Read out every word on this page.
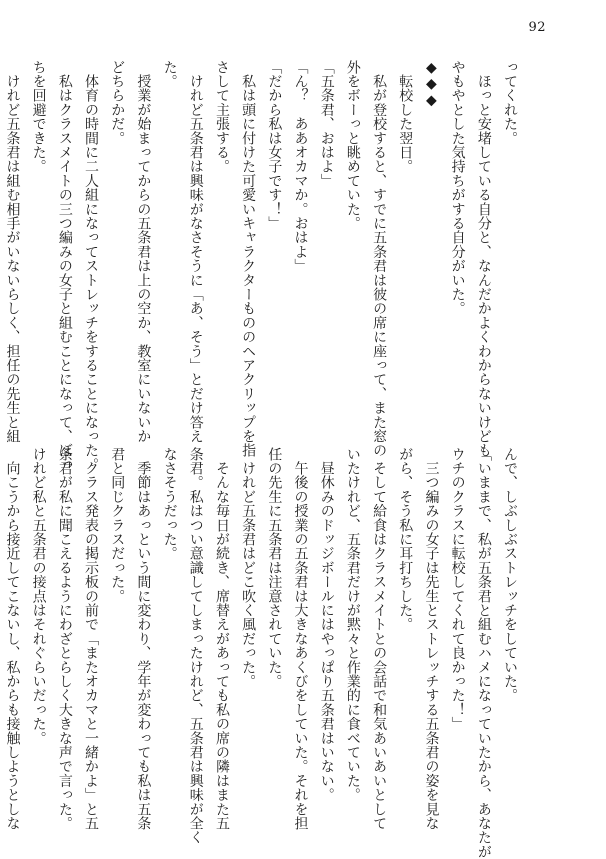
92
ってくれた。
　ほっと安堵している自分と、なんだかよくわからないけども
やもやとした気持ちがする自分がいた。
◆◆◆
　転校した翌日。
　私が登校すると、すでに五条君は彼の席に座って、また窓の
外をボーっと眺めていた。
「五条君、おはよ」
「ん？　ああオカマか。おはよ」
「だから私は女子です！」
　私は頭に付けた可愛いキャラクターもののヘアクリップを指
さして主張する。
　けれど五条君は興味がなさそうに「あ、そう」とだけ答え
た。
　授業が始まってからの五条君は上の空か、教室にいないか
どちらかだ。
　体育の時間に二人組になってストレッチをすることになった。
　私はクラスメイトの三つ編みの女子と組むことになって、ぼっ
ちを回避できた。
　けれど五条君は組む相手がいないらしく、担任の先生と組
んで、しぶしぶストレッチをしていた。
「いままで、私が五条君と組むハメになっていたから、あなたが
ウチのクラスに転校してくれて良かった！」
　三つ編みの女子は先生とストレッチする五条君の姿を見な
がら、そう私に耳打ちした。
　そして給食はクラスメイトとの会話で和気あいあいとして
いたけれど、五条君だけが黙々と作業的に食べていた。
　昼休みのドッジボールにはやっぱり五条君はいない。
　午後の授業の五条君は大きなあくびをしていた。それを担
任の先生に五条君は注意されていた。
　けれど五条君はどこ吹く風だった。
　そんな毎日が続き、席替えがあっても私の席の隣はまた五
条君。私はつい意識してしまったけれど、五条君は興味が全く
なさそうだった。
　季節はあっという間に変わり、学年が変わっても私は五条
君と同じクラスだった。
　クラス発表の掲示板の前で「またオカマと一緒かよ」と五
条君が私に聞こえるようにわざとらしく大きな声で言った。
けれど私と五条君の接点はそれぐらいだった。
　向こうから接近してこないし、私からも接触しようとしな
